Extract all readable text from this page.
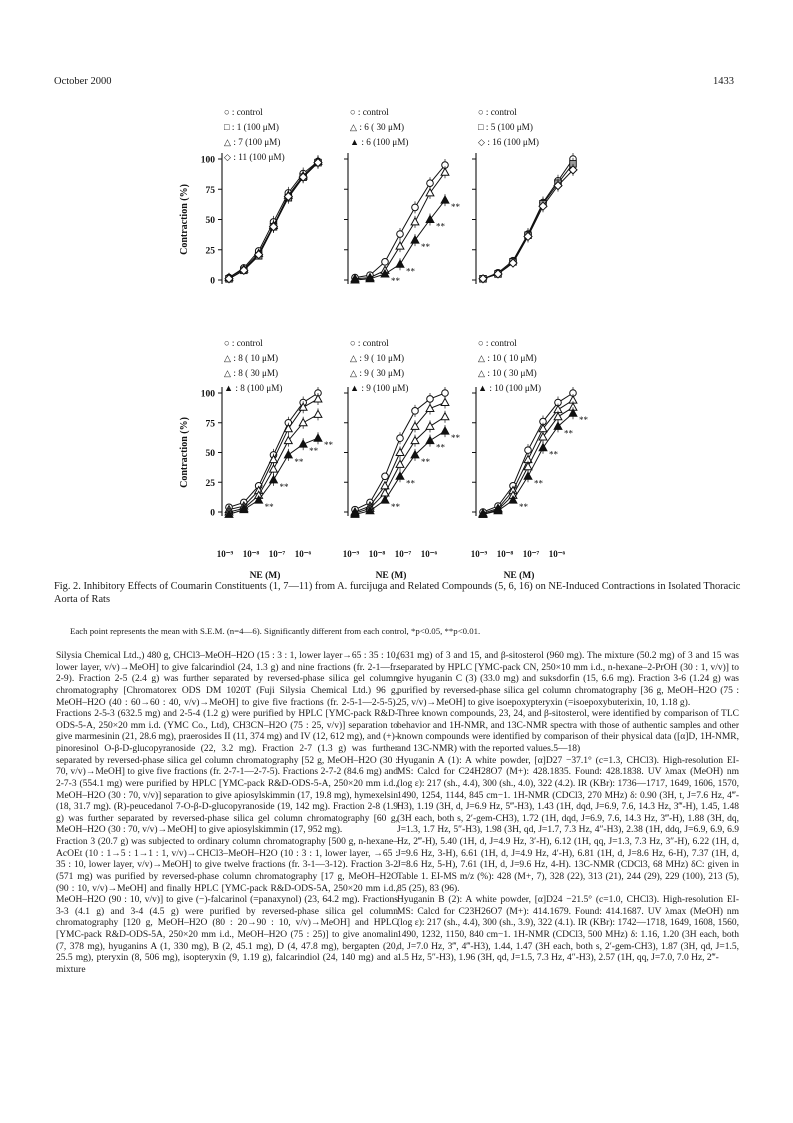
October 2000	1433
0
25
50
75
100
○ : control
□ : 1 (100 μM)
△ : 7 (100 μM)
◇ : 11 (100 μM)
○ : control
△ : 6 ( 30 μM)
▲ : 6 (100 μM)
**
**
**
**
**
○ : control
□ : 5 (100 μM)
◇ : 16 (100 μM)
0
25
50
75
100
○ : control
△ : 8 ( 10 μM)
△ : 8 ( 30 μM)
▲ : 8 (100 μM)
**
**
**
**
**
10⁻⁹ 10⁻⁸ 10⁻⁷ 10⁻⁶
NE (M)
○ : control
△ : 9 ( 10 μM)
△ : 9 ( 30 μM)
▲ : 9 (100 μM)
**
**
**
**
**
10⁻⁹ 10⁻⁸ 10⁻⁷ 10⁻⁶
NE (M)
○ : control
△ : 10 ( 10 μM)
△ : 10 ( 30 μM)
▲ : 10 (100 μM)
**
**
**
**
**
10⁻⁹ 10⁻⁸ 10⁻⁷ 10⁻⁶
NE (M)
Contraction (%)
Contraction (%)
Fig. 2. Inhibitory Effects of Coumarin Constituents (1, 7—11) from A. furcijuga and Related Compounds (5, 6, 16) on NE-Induced Contractions in Isolated Thoracic Aorta of Rats
Each point represents the mean with S.E.M. (n=4—6). Significantly different from each control, *p<0.05, **p<0.01.

Silysia Chemical Ltd.,) 480 g, CHCl3–MeOH–H2O (15 : 3 : 1, lower layer→65 : 35 : 10, lower layer, v/v)→MeOH] to give falcarindiol (24, 1.3 g) and nine fractions (fr. 2-1—fr. 2-9). Fraction 2-5 (2.4 g) was further separated by reversed-phase silica gel column chromatography [Chromatorex ODS DM 1020T (Fuji Silysia Chemical Ltd.) 96 g, MeOH–H2O (40 : 60→60 : 40, v/v)→MeOH] to give five fractions (fr. 2-5-1—2-5-5). Fractions 2-5-3 (632.5 mg) and 2-5-4 (1.2 g) were purified by HPLC [YMC-pack R&D-ODS-5-A, 250×20 mm i.d. (YMC Co., Ltd), CH3CN–H2O (75 : 25, v/v)] separation to give marmesinin (21, 28.6 mg), praerosides II (11, 374 mg) and IV (12, 612 mg), and (+)-pinoresinol O-β-D-glucopyranoside (22, 3.2 mg). Fraction 2-7 (1.3 g) was further separated by reversed-phase silica gel column chromatography [52 g, MeOH–H2O (30 : 70, v/v)→MeOH] to give five fractions (fr. 2-7-1—2-7-5). Fractions 2-7-2 (84.6 mg) and 2-7-3 (554.1 mg) were purified by HPLC [YMC-pack R&D-ODS-5-A, 250×20 mm i.d., MeOH–H2O (30 : 70, v/v)] separation to give apiosylskimmin (17, 19.8 mg), hymexelsin (18, 31.7 mg). (R)-peucedanol 7-O-β-D-glucopyranoside (19, 142 mg). Fraction 2-8 (1.9 g) was further separated by reversed-phase silica gel column chromatography [60 g, MeOH–H2O (30 : 70, v/v)→MeOH] to give apiosylskimmin (17, 952 mg).
Fraction 3 (20.7 g) was subjected to ordinary column chromatography [500 g, n-hexane–AcOEt (10 : 1→5 : 1→1 : 1, v/v)→CHCl3–MeOH–H2O (10 : 3 : 1, lower layer, →65 : 35 : 10, lower layer, v/v)→MeOH] to give twelve fractions (fr. 3-1—3-12). Fraction 3-2 (571 mg) was purified by reversed-phase column chromatography [17 g, MeOH–H2O (90 : 10, v/v)→MeOH] and finally HPLC [YMC-pack R&D-ODS-5A, 250×20 mm i.d., MeOH–H2O (90 : 10, v/v)] to give (−)-falcarinol (=panaxynol) (23, 64.2 mg). Fractions 3-3 (4.1 g) and 3-4 (4.5 g) were purified by reversed-phase silica gel column chromatography [120 g, MeOH–H2O (80 : 20→90 : 10, v/v)→MeOH] and HPLC [YMC-pack R&D-ODS-5A, 250×20 mm i.d., MeOH–H2O (75 : 25)] to give anomalin (7, 378 mg), hyuganins A (1, 330 mg), B (2, 45.1 mg), D (4, 47.8 mg), bergapten (20, 25.5 mg), pteryxin (8, 506 mg), isopteryxin (9, 1.19 g), falcarindiol (24, 140 mg) and a mixture

(631 mg) of 3 and 15, and β-sitosterol (960 mg). The mixture (50.2 mg) of 3 and 15 was separated by HPLC [YMC-pack CN, 250×10 mm i.d., n-hexane–2-PrOH (30 : 1, v/v)] to give hyuganin C (3) (33.0 mg) and suksdorfin (15, 6.6 mg). Fraction 3-6 (1.24 g) was purified by reversed-phase silica gel column chromatography [36 g, MeOH–H2O (75 : 25, v/v)→MeOH] to give isoepoxypteryxin (=isoepoxybuterixin, 10, 1.18 g).
Three known compounds, 23, 24, and β-sitosterol, were identified by comparison of TLC behavior and 1H-NMR, and 13C-NMR spectra with those of authentic samples and other known compounds were identified by comparison of their physical data ([α]D, 1H-NMR, and 13C-NMR) with the reported values.5—18)
Hyuganin A (1): A white powder, [α]D27 −37.1° (c=1.3, CHCl3). High-resolution EI-MS: Calcd for C24H28O7 (M+): 428.1835. Found: 428.1838. UV λmax (MeOH) nm (log ε): 217 (sh., 4.4), 300 (sh., 4.0), 322 (4.2). IR (KBr): 1736—1717, 1649, 1606, 1570, 1490, 1254, 1144, 845 cm−1. 1H-NMR (CDCl3, 270 MHz) δ: 0.90 (3H, t, J=7.6 Hz, 4‴-H3), 1.19 (3H, d, J=6.9 Hz, 5‴-H3), 1.43 (1H, dqd, J=6.9, 7.6, 14.3 Hz, 3‴-H), 1.45, 1.48 (3H each, both s, 2′-gem-CH3), 1.72 (1H, dqd, J=6.9, 7.6, 14.3 Hz, 3‴-H), 1.88 (3H, dq, J=1.3, 1.7 Hz, 5″-H3), 1.98 (3H, qd, J=1.7, 7.3 Hz, 4″-H3), 2.38 (1H, ddq, J=6.9, 6.9, 6.9 Hz, 2‴-H), 5.40 (1H, d, J=4.9 Hz, 3′-H), 6.12 (1H, qq, J=1.3, 7.3 Hz, 3″-H), 6.22 (1H, d, J=9.6 Hz, 3-H), 6.61 (1H, d, J=4.9 Hz, 4′-H), 6.81 (1H, d, J=8.6 Hz, 6-H), 7.37 (1H, d, J=8.6 Hz, 5-H), 7.61 (1H, d, J=9.6 Hz, 4-H). 13C-NMR (CDCl3, 68 MHz) δC: given in Table 1. EI-MS m/z (%): 428 (M+, 7), 328 (22), 313 (21), 244 (29), 229 (100), 213 (5), 85 (25), 83 (96).
Hyuganin B (2): A white powder, [α]D24 −21.5° (c=1.0, CHCl3). High-resolution EI-MS: Calcd for C23H26O7 (M+): 414.1679. Found: 414.1687. UV λmax (MeOH) nm (log ε): 217 (sh., 4.4), 300 (sh., 3.9), 322 (4.1). IR (KBr): 1742—1718, 1649, 1608, 1560, 1490, 1232, 1150, 840 cm−1. 1H-NMR (CDCl3, 500 MHz) δ: 1.16, 1.20 (3H each, both d, J=7.0 Hz, 3‴, 4‴-H3), 1.44, 1.47 (3H each, both s, 2′-gem-CH3), 1.87 (3H, qd, J=1.5, 1.5 Hz, 5″-H3), 1.96 (3H, qd, J=1.5, 7.3 Hz, 4″-H3), 2.57 (1H, qq, J=7.0, 7.0 Hz, 2‴-
